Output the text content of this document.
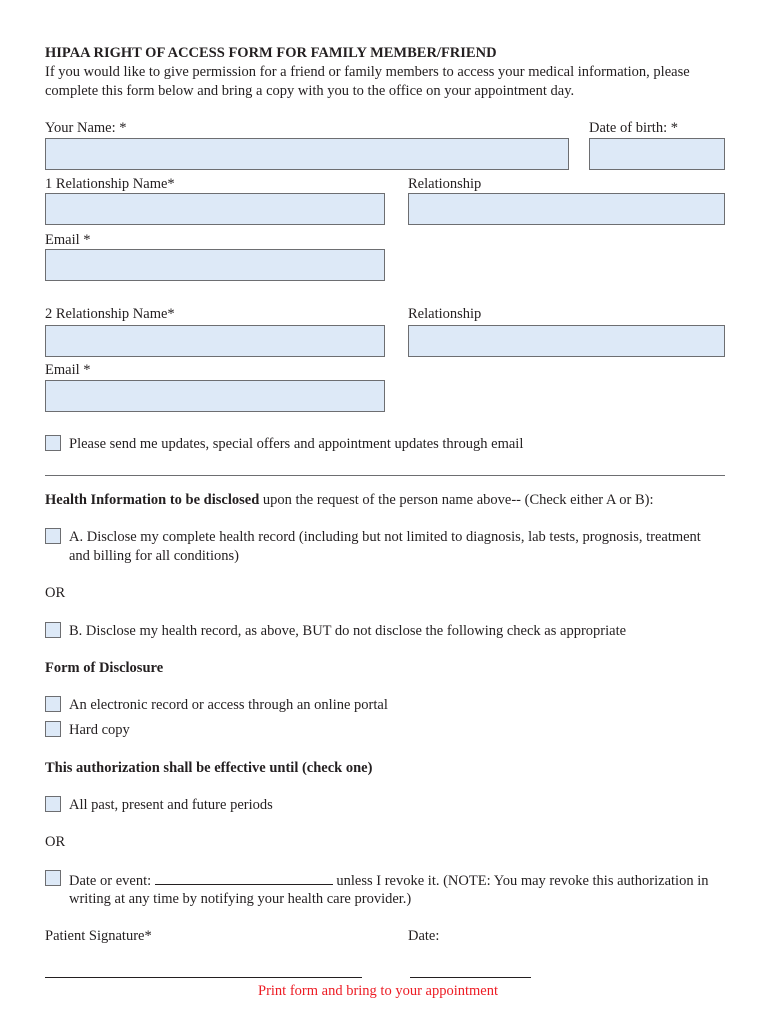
HIPAA RIGHT OF ACCESS FORM FOR FAMILY MEMBER/FRIEND
If you would like to give permission for a friend or family members to access your medical information, please
complete this form below and bring a copy with you to the office on your appointment day.
Your Name: *	Date of birth: *
1 Relationship Name*	Relationship
Email *
2 Relationship Name*	Relationship
Email *
Please send me updates, special offers and appointment updates through email
Health Information to be disclosed upon the request of the person name above-- (Check either A or B):
A. Disclose my complete health record (including but not limited to diagnosis, lab tests, prognosis, treatment
and billing for all conditions)
OR
B. Disclose my health record, as above, BUT do not disclose the following check as appropriate
Form of Disclosure
An electronic record or access through an online portal
Hard copy
This authorization shall be effective until (check one)
All past, present and future periods
OR
Date or event:	unless I revoke it. (NOTE: You may revoke this authorization in
writing at any time by notifying your health care provider.)
Patient Signature*	Date:
Print form and bring to your appointment
